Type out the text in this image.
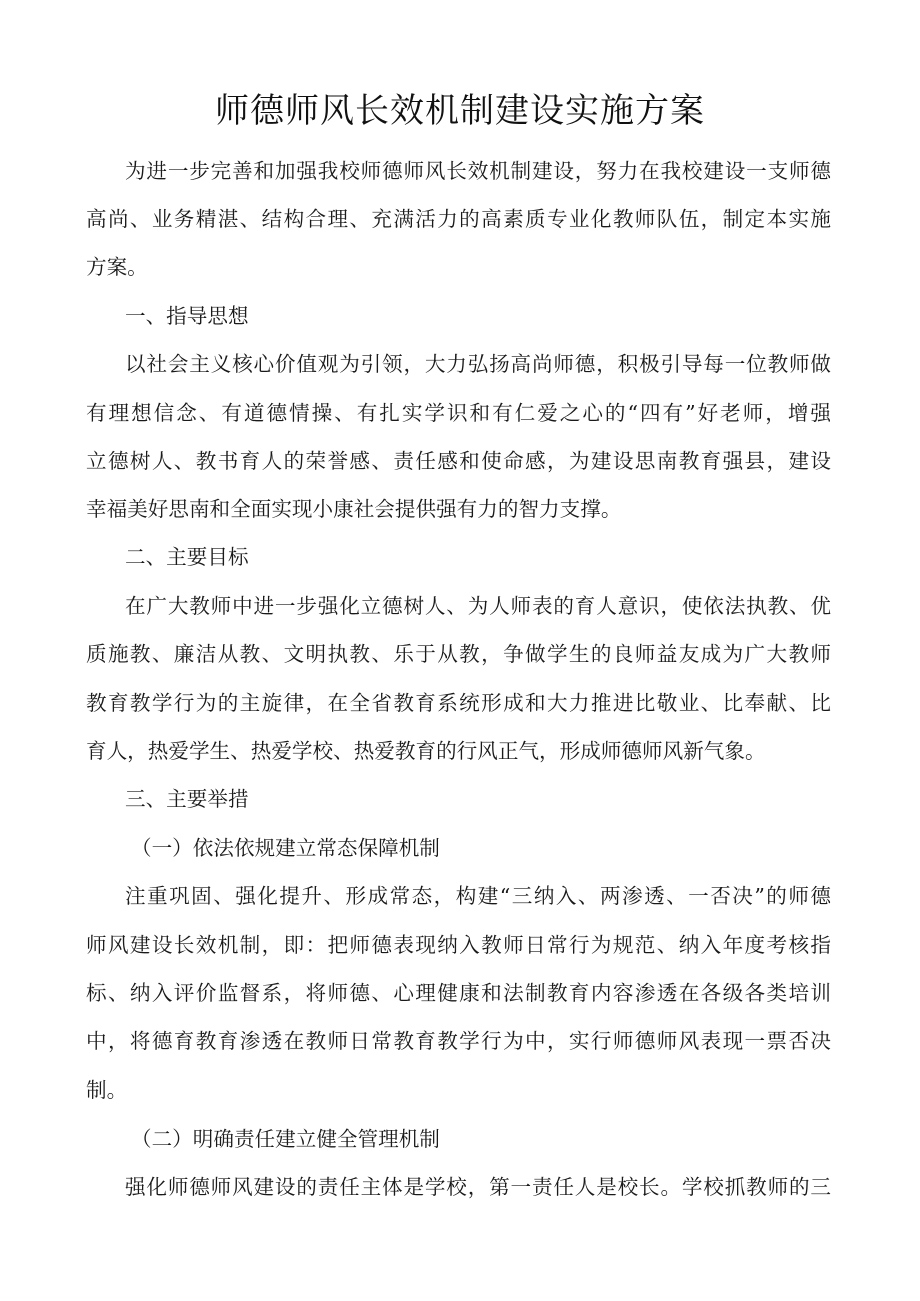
师德师风长效机制建设实施方案
为进一步完善和加强我校师德师风长效机制建设，努力在我校建设一支师德
高尚、业务精湛、结构合理、充满活力的高素质专业化教师队伍，制定本实施
方案。
一、指导思想
以社会主义核心价值观为引领，大力弘扬高尚师德，积极引导每一位教师做
有理想信念、有道德情操、有扎实学识和有仁爱之心的“四有”好老师，增强
立德树人、教书育人的荣誉感、责任感和使命感，为建设思南教育强县，建设
幸福美好思南和全面实现小康社会提供强有力的智力支撑。
二、主要目标
在广大教师中进一步强化立德树人、为人师表的育人意识，使依法执教、优
质施教、廉洁从教、文明执教、乐于从教，争做学生的良师益友成为广大教师
教育教学行为的主旋律，在全省教育系统形成和大力推进比敬业、比奉献、比
育人，热爱学生、热爱学校、热爱教育的行风正气，形成师德师风新气象。
三、主要举措
（一）依法依规建立常态保障机制
注重巩固、强化提升、形成常态，构建“三纳入、两渗透、一否决”的师德
师风建设长效机制，即：把师德表现纳入教师日常行为规范、纳入年度考核指
标、纳入评价监督系，将师德、心理健康和法制教育内容渗透在各级各类培训
中，将德育教育渗透在教师日常教育教学行为中，实行师德师风表现一票否决
制。
（二）明确责任建立健全管理机制
强化师德师风建设的责任主体是学校，第一责任人是校长。学校抓教师的三
